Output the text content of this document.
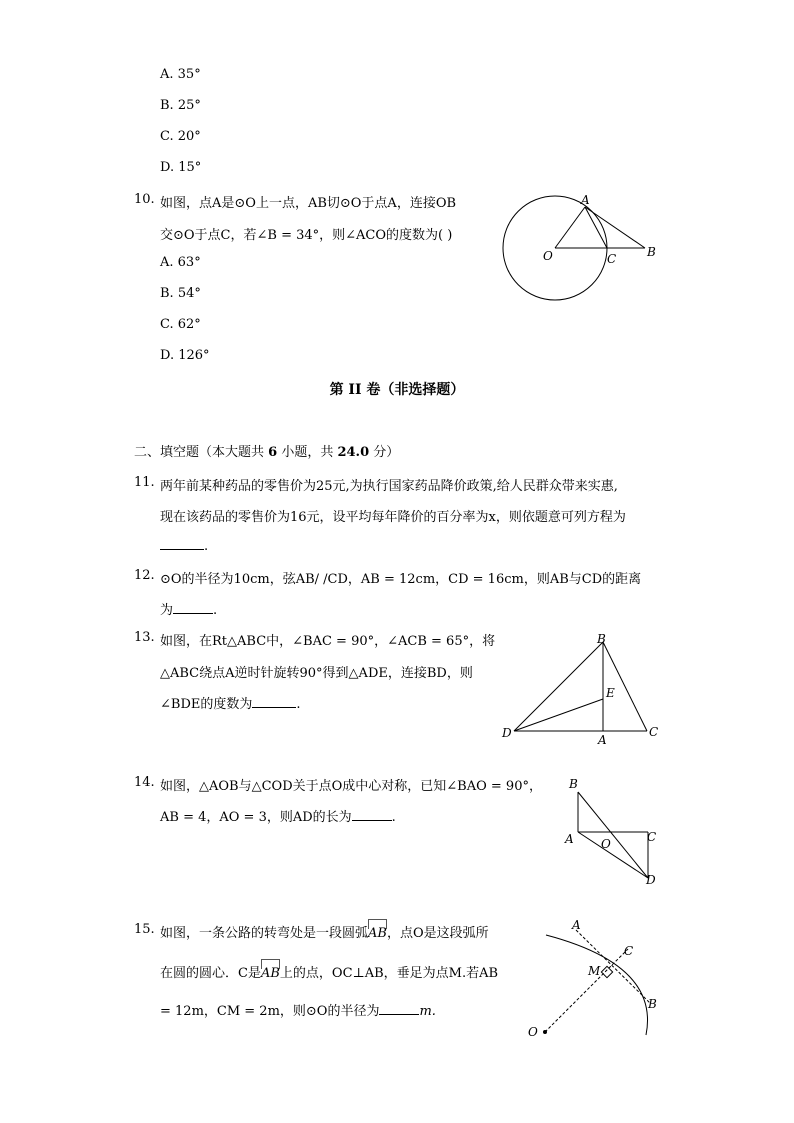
A. 35°
B. 25°
C. 20°
D. 15°
10. 如图，点A是⊙O上一点，AB切⊙O于点A，连接OB
交⊙O于点C，若∠B = 34°，则∠ACO的度数为( )
A. 63°
B. 54°
C. 62°
D. 126°
A
O	C	B
第 II 卷（非选择题）
二、填空题（本大题共 6 小题，共 24.0 分）
11. 两年前某种药品的零售价为25元,为执行国家药品降价政策,给人民群众带来实惠,
现在该药品的零售价为16元，设平均每年降价的百分率为x，则依题意可列方程为
.
12. ⊙O的半径为10cm，弦AB/ /CD，AB = 12cm，CD = 16cm，则AB与CD的距离
为	.
13. 如图，在Rt△ABC中，∠BAC = 90°，∠ACB = 65°，将
△ABC绕点A逆时针旋转90°得到△ADE，连接BD，则
∠BDE的度数为	.
B
E
D	A
C
14. 如图，△AOB与△COD关于点O成中心对称，已知∠BAO = 90°，
AB = 4，AO = 3，则AD的长为	.
B
A O	C
D
15. 如图，一条公路的转弯处是一段圆弧AB，点O是这段弧所
在圆的圆心．C是AB上的点，OC⊥AB，垂足为点M.若AB
= 12m，CM = 2m，则⊙O的半径为	m.
A
C
M
B
O
